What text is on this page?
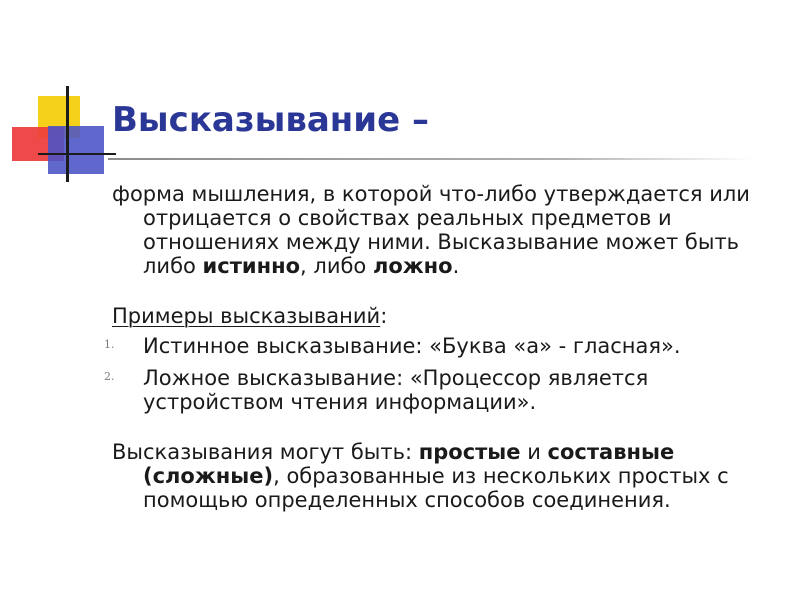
Высказывание –

форма мышления, в которой что-либо утверждается или отрицается о свойствах реальных предметов и отношениях между ними. Высказывание может быть либо истинно, либо ложно.

Примеры высказываний:

1. Истинное высказывание: «Буква «а» - гласная».
2. Ложное высказывание: «Процессор является устройством чтения информации».

Высказывания могут быть: простые и составные (сложные), образованные из нескольких простых с помощью определенных способов соединения.
